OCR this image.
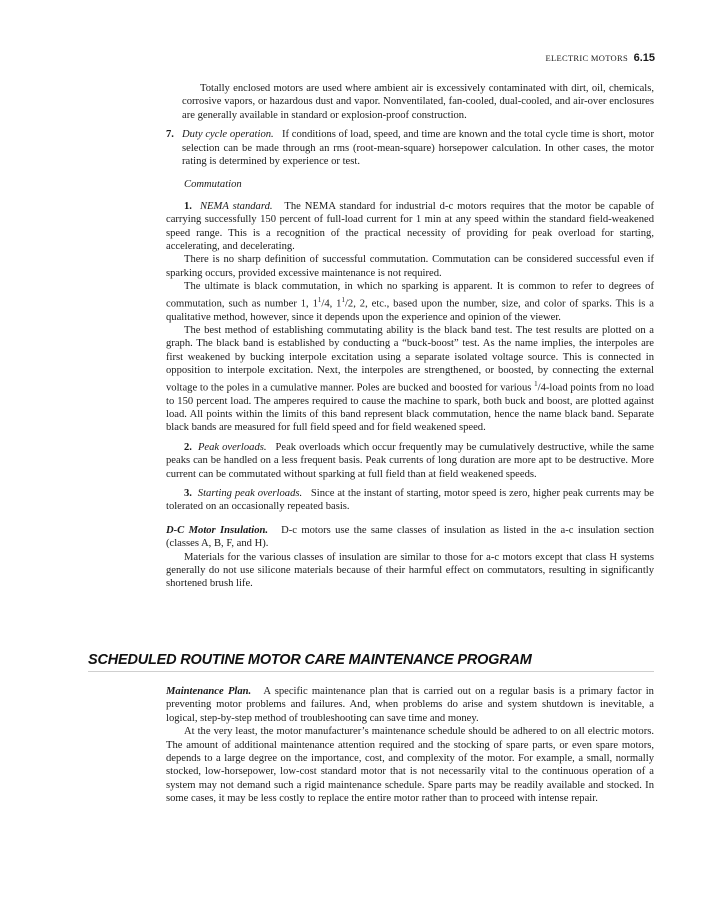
ELECTRIC MOTORS 6.15

Totally enclosed motors are used where ambient air is excessively contaminated with dirt, oil, chemicals, corrosive vapors, or hazardous dust and vapor. Nonventilated, fan-cooled, dual-cooled, and air-over enclosures are generally available in standard or explosion-proof construction.

7. Duty cycle operation. If conditions of load, speed, and time are known and the total cycle time is short, motor selection can be made through an rms (root-mean-square) horsepower calculation. In other cases, the motor rating is determined by experience or test.

Commutation

1. NEMA standard. The NEMA standard for industrial d-c motors requires that the motor be capable of carrying successfully 150 percent of full-load current for 1 min at any speed within the standard field-weakened speed range. This is a recognition of the practical necessity of providing for peak overload for starting, accelerating, and decelerating.

There is no sharp definition of successful commutation. Commutation can be considered successful even if sparking occurs, provided excessive maintenance is not required.

The ultimate is black commutation, in which no sparking is apparent. It is common to refer to degrees of commutation, such as number 1, $1^1/4$, $1^1/2$, 2, etc., based upon the number, size, and color of sparks. This is a qualitative method, however, since it depends upon the experience and opinion of the viewer.

The best method of establishing commutating ability is the black band test. The test results are plotted on a graph. The black band is established by conducting a “buck-boost” test. As the name implies, the interpoles are first weakened by bucking interpole excitation using a separate isolated voltage source. This is connected in opposition to interpole excitation. Next, the interpoles are strengthened, or boosted, by connecting the external voltage to the poles in a cumulative manner. Poles are bucked and boosted for various $^1$/4-load points from no load to 150 percent load. The amperes required to cause the machine to spark, both buck and boost, are plotted against load. All points within the limits of this band represent black commutation, hence the name black band. Separate black bands are measured for full field speed and for field weakened speed.

2. Peak overloads. Peak overloads which occur frequently may be cumulatively destructive, while the same peaks can be handled on a less frequent basis. Peak currents of long duration are more apt to be destructive. More current can be commutated without sparking at full field than at field weakened speeds.

3. Starting peak overloads. Since at the instant of starting, motor speed is zero, higher peak currents may be tolerated on an occasionally repeated basis.

D-C Motor Insulation. D-c motors use the same classes of insulation as listed in the a-c insulation section (classes A, B, F, and H).

Materials for the various classes of insulation are similar to those for a-c motors except that class H systems generally do not use silicone materials because of their harmful effect on commutators, resulting in significantly shortened brush life.

SCHEDULED ROUTINE MOTOR CARE MAINTENANCE PROGRAM

Maintenance Plan. A specific maintenance plan that is carried out on a regular basis is a primary factor in preventing motor problems and failures. And, when problems do arise and system shutdown is inevitable, a logical, step-by-step method of troubleshooting can save time and money.

At the very least, the motor manufacturer’s maintenance schedule should be adhered to on all electric motors. The amount of additional maintenance attention required and the stocking of spare parts, or even spare motors, depends to a large degree on the importance, cost, and complexity of the motor. For example, a small, normally stocked, low-horsepower, low-cost standard motor that is not necessarily vital to the continuous operation of a system may not demand such a rigid maintenance schedule. Spare parts may be readily available and stocked. In some cases, it may be less costly to replace the entire motor rather than to proceed with intense repair.
